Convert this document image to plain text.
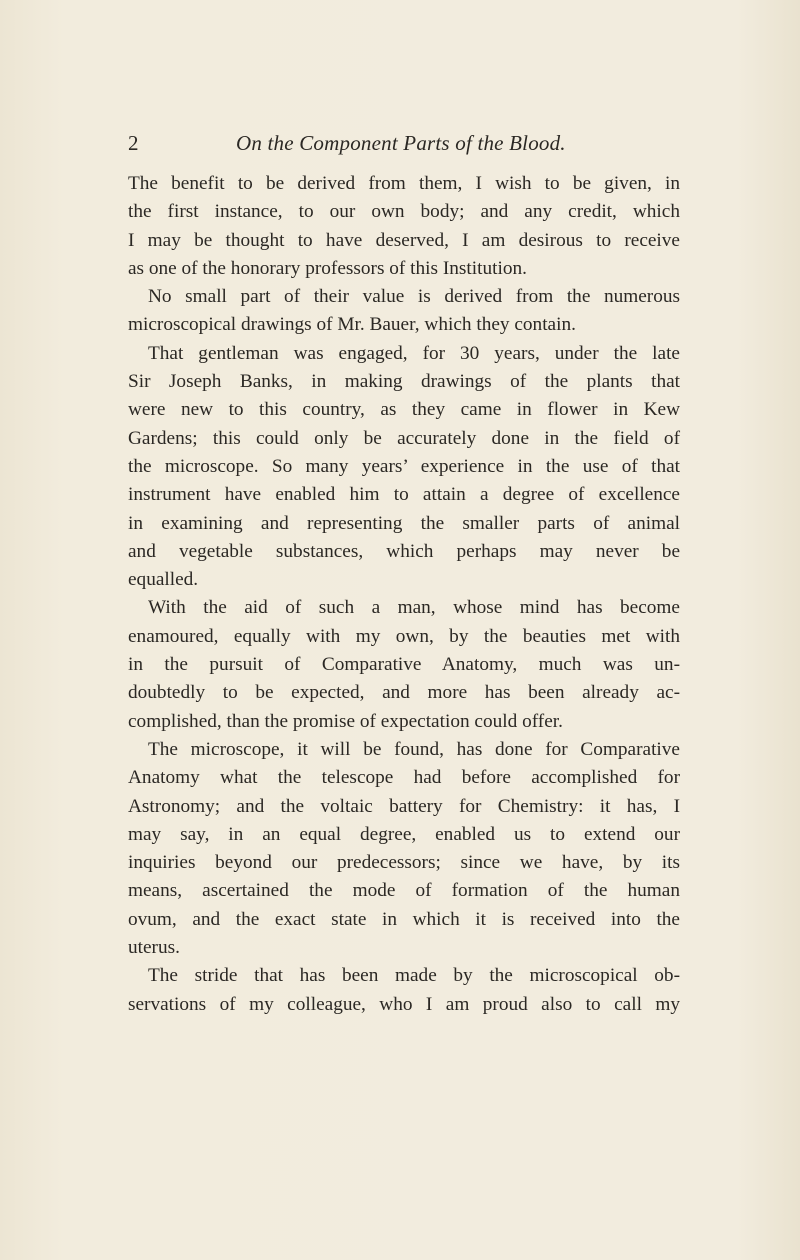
2	On the Component Parts of the Blood.

The benefit to be derived from them, I wish to be given, in
the first instance, to our own body; and any credit, which
I may be thought to have deserved, I am desirous to receive
as one of the honorary professors of this Institution.

No small part of their value is derived from the numerous
microscopical drawings of Mr. Bauer, which they contain.

That gentleman was engaged, for 30 years, under the late
Sir Joseph Banks, in making drawings of the plants that
were new to this country, as they came in flower in Kew
Gardens; this could only be accurately done in the field of
the microscope. So many years’ experience in the use of that
instrument have enabled him to attain a degree of excellence
in examining and representing the smaller parts of animal
and vegetable substances, which perhaps may never be
equalled.

With the aid of such a man, whose mind has become
enamoured, equally with my own, by the beauties met with
in the pursuit of Comparative Anatomy, much was un-
doubtedly to be expected, and more has been already ac-
complished, than the promise of expectation could offer.

The microscope, it will be found, has done for Comparative
Anatomy what the telescope had before accomplished for
Astronomy; and the voltaic battery for Chemistry: it has, I
may say, in an equal degree, enabled us to extend our
inquiries beyond our predecessors; since we have, by its
means, ascertained the mode of formation of the human
ovum, and the exact state in which it is received into the
uterus.

The stride that has been made by the microscopical ob-
servations of my colleague, who I am proud also to call my
